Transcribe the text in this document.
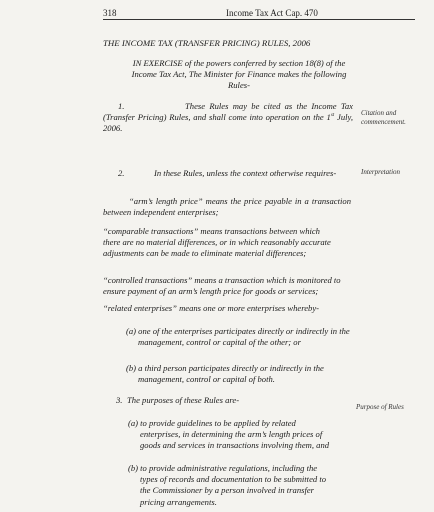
318	Income Tax Act Cap. 470
THE INCOME TAX (TRANSFER PRICING) RULES, 2006
IN EXERCISE of the powers conferred by section 18(8) of the Income Tax Act, The Minister for Finance makes the following Rules-
1.	These Rules may be cited as the Income Tax (Transfer Pricing) Rules, and shall come into operation on the 1st July, 2006.
Citation and commencement.
2.	In these Rules, unless the context otherwise requires-	Interpretation
“arm’s length price” means the price payable in a transaction between independent enterprises;
“comparable transactions” means transactions between which there are no material differences, or in which reasonably accurate adjustments can be made to eliminate material differences;
“controlled transactions” means a transaction which is monitored to ensure payment of an arm’s length price for goods or services;
“related enterprises” means one or more enterprises whereby-
(a) one of the enterprises participates directly or indirectly in the management, control or capital of the other; or
(b) a third person participates directly or indirectly in the management, control or capital of both.
3. The purposes of these Rules are-
Purpose of Rules
(a) to provide guidelines to be applied by related enterprises, in determining the arm’s length prices of goods and services in transactions involving them, and
(b) to provide administrative regulations, including the types of records and documentation to be submitted to the Commissioner by a person involved in transfer pricing arrangements.
